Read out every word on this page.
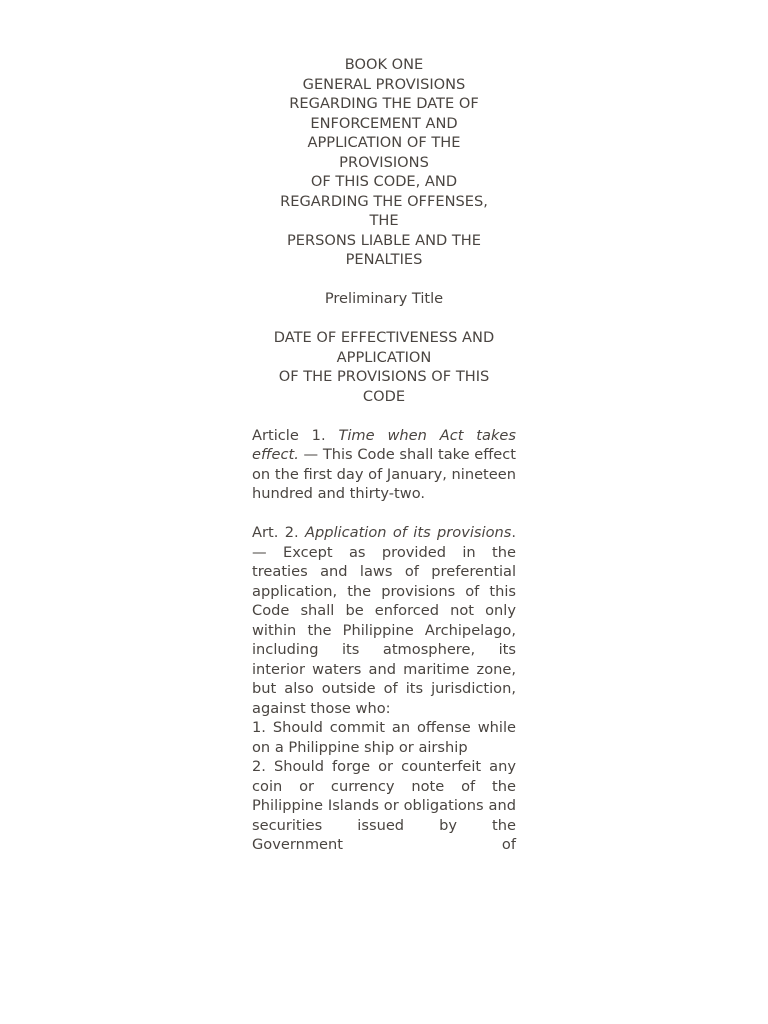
BOOK ONE
GENERAL PROVISIONS
REGARDING THE DATE OF
ENFORCEMENT AND
APPLICATION OF THE
PROVISIONS
OF THIS CODE, AND
REGARDING THE OFFENSES,
THE
PERSONS LIABLE AND THE
PENALTIES

Preliminary Title

DATE OF EFFECTIVENESS AND
APPLICATION
OF THE PROVISIONS OF THIS
CODE

Article 1. Time when Act takes effect. — This Code shall take effect on the first day of January, nineteen hundred and thirty-two.

Art. 2. Application of its provisions. — Except as provided in the treaties and laws of preferential application, the provisions of this Code shall be enforced not only within the Philippine Archipelago, including its atmosphere, its interior waters and maritime zone, but also outside of its jurisdiction, against those who:

1. Should commit an offense while on a Philippine ship or airship

2. Should forge or counterfeit any coin or currency note of the Philippine Islands or obligations and securities issued by the Government of
